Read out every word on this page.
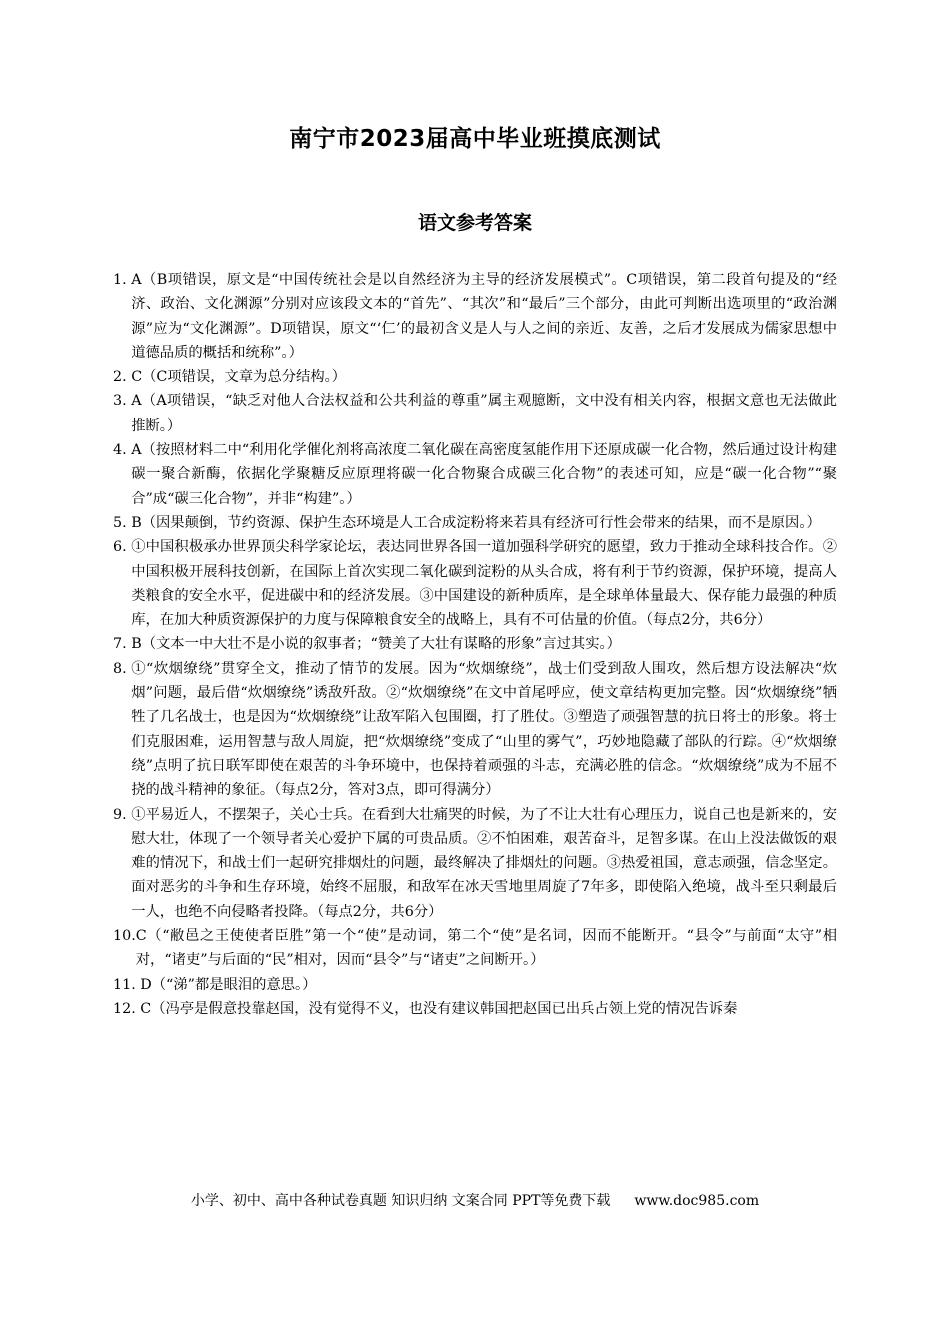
南宁市2023届高中毕业班摸底测试
语文参考答案
1. A（B项错误，原文是“中国传统社会是以自然经济为主导的经济发展模式”。C项错误，第二段首句提及的“经济、政治、文化渊源”分别对应该段文本的“首先”、“其次”和“最后”三个部分，由此可判断出选项里的“政治渊源”应为“文化渊源”。D项错误，原文“‘仁’的最初含义是人与人之间的亲近、友善，之后才发展成为儒家思想中道德品质的概括和统称”。）
2. C（C项错误，文章为总分结构。）
3. A（A项错误，“缺乏对他人合法权益和公共利益的尊重”属主观臆断，文中没有相关内容，根据文意也无法做此推断。）
4. A（按照材料二中“利用化学催化剂将高浓度二氧化碳在高密度氢能作用下还原成碳一化合物，然后通过设计构建碳一聚合新酶，依据化学聚糖反应原理将碳一化合物聚合成碳三化合物”的表述可知，应是“碳一化合物”“聚合”成“碳三化合物”，并非“构建”。）
5. B（因果颠倒，节约资源、保护生态环境是人工合成淀粉将来若具有经济可行性会带来的结果，而不是原因。）
6. ①中国积极承办世界顶尖科学家论坛，表达同世界各国一道加强科学研究的愿望，致力于推动全球科技合作。②中国积极开展科技创新，在国际上首次实现二氧化碳到淀粉的从头合成，将有利于节约资源，保护环境，提高人类粮食的安全水平，促进碳中和的经济发展。③中国建设的新种质库，是全球单体量最大、保存能力最强的种质库，在加大种质资源保护的力度与保障粮食安全的战略上，具有不可估量的价值。（每点2分，共6分）
7. B（文本一中大壮不是小说的叙事者；“赞美了大壮有谋略的形象”言过其实。）
8. ①“炊烟缭绕”贯穿全文，推动了情节的发展。因为“炊烟缭绕”，战士们受到敌人围攻，然后想方设法解决“炊烟”问题，最后借“炊烟缭绕”诱敌歼敌。②“炊烟缭绕”在文中首尾呼应，使文章结构更加完整。因“炊烟缭绕”牺牲了几名战士，也是因为“炊烟缭绕”让敌军陷入包围圈，打了胜仗。③塑造了顽强智慧的抗日将士的形象。将士们克服困难，运用智慧与敌人周旋，把“炊烟缭绕”变成了“山里的雾气”，巧妙地隐藏了部队的行踪。④“炊烟缭绕”点明了抗日联军即使在艰苦的斗争环境中，也保持着顽强的斗志，充满必胜的信念。“炊烟缭绕”成为不屈不挠的战斗精神的象征。（每点2分，答对3点，即可得满分）
9. ①平易近人，不摆架子，关心士兵。在看到大壮痛哭的时候，为了不让大壮有心理压力，说自己也是新来的，安慰大壮，体现了一个领导者关心爱护下属的可贵品质。②不怕困难，艰苦奋斗，足智多谋。在山上没法做饭的艰难的情况下，和战士们一起研究排烟灶的问题，最终解决了排烟灶的问题。③热爱祖国，意志顽强，信念坚定。面对恶劣的斗争和生存环境，始终不屈服，和敌军在冰天雪地里周旋了7年多，即使陷入绝境，战斗至只剩最后一人，也绝不向侵略者投降。（每点2分，共6分）
10. C（“敝邑之王使使者臣胜”第一个“使”是动词，第二个“使”是名词，因而不能断开。“县令”与前面“太守”相对，“诸吏”与后面的“民”相对，因而“县令”与“诸吏”之间断开。）
11. D（“涕”都是眼泪的意思。）
12. C（冯亭是假意投靠赵国，没有觉得不义，也没有建议韩国把赵国已出兵占领上党的情况告诉秦
小学、初中、高中各种试卷真题 知识归纳 文案合同 PPT等免费下载 www.doc985.com
